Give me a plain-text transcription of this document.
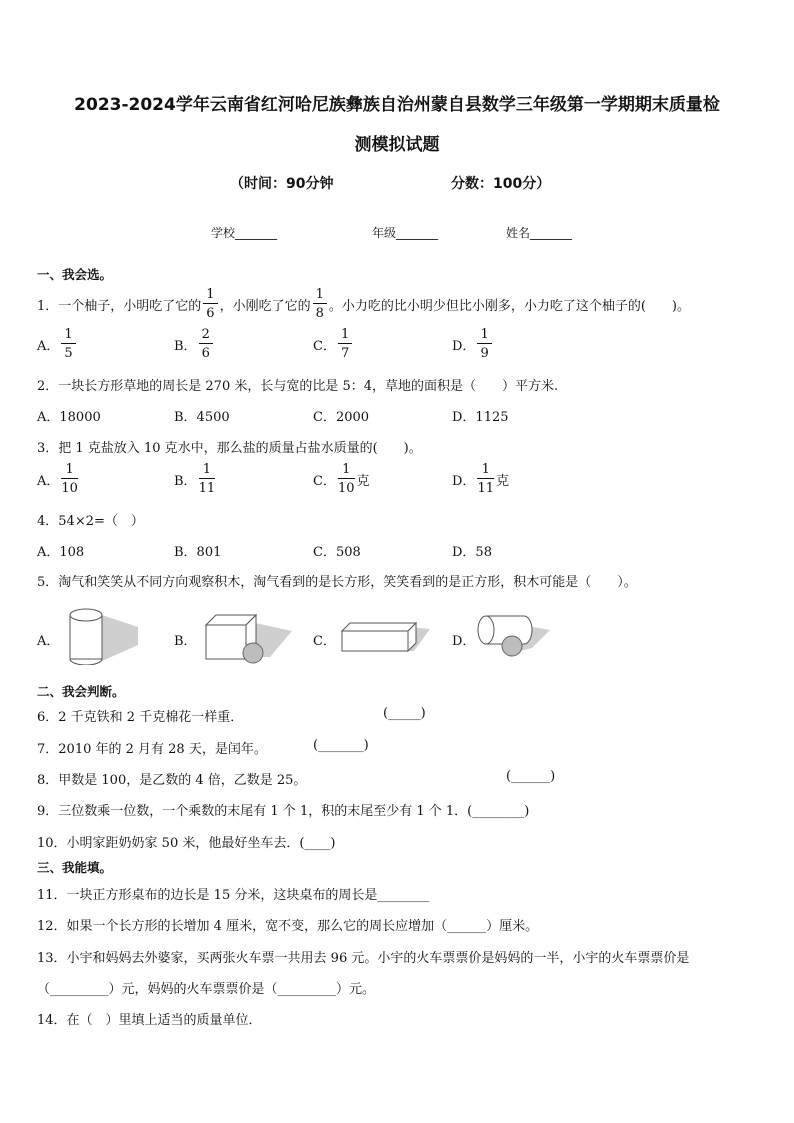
2023-2024学年云南省红河哈尼族彝族自治州蒙自县数学三年级第一学期期末质量检
测模拟试题
（时间：90分钟	分数：100分）
学校_______	年级_______	姓名_______
一、我会选。
1．一个柚子，小明吃了它的 $\frac{1}{6}$ ，小刚吃了它的 $\frac{1}{8}$ 。小力吃的比小明少但比小刚多，小力吃了这个柚子的(　　)。
A． $\frac{1}{5}$	B． $\frac{2}{6}$	C． $\frac{1}{7}$	D． $\frac{1}{9}$
2．一块长方形草地的周长是 270 米，长与宽的比是 5：4，草地的面积是（　　）平方米.
A．18000	B．4500	C．2000	D．1125
3．把 1 克盐放入 10 克水中，那么盐的质量占盐水质量的(　　)。
A． $\frac{1}{10}$	B． $\frac{1}{11}$	C． $\frac{1}{10}$ 克	D． $\frac{1}{11}$ 克
4．54×2=（　）
A．108	B．801	C．508	D．58
5．淘气和笑笑从不同方向观察积木，淘气看到的是长方形，笑笑看到的是正方形，积木可能是（　　）。
A．	B．	C．	D．
二、我会判断。
6．2 千克铁和 2 千克棉花一样重．	(_____)
7．2010 年的 2 月有 28 天，是闰年。	(_______)
8．甲数是 100，是乙数的 4 倍，乙数是 25。	(______)
9．三位数乘一位数，一个乘数的末尾有 1 个 1，积的末尾至少有 1 个 1．(________)
10．小明家距奶奶家 50 米，他最好坐车去．(____)
三、我能填。
11．一块正方形桌布的边长是 15 分米，这块桌布的周长是________
12．如果一个长方形的长增加 4 厘米，宽不变，那么它的周长应增加（______）厘米。
13．小宇和妈妈去外婆家，买两张火车票一共用去 96 元。小宇的火车票票价是妈妈的一半，小宇的火车票票价是
（_________）元，妈妈的火车票票价是（_________）元。
14．在（　）里填上适当的质量单位．
